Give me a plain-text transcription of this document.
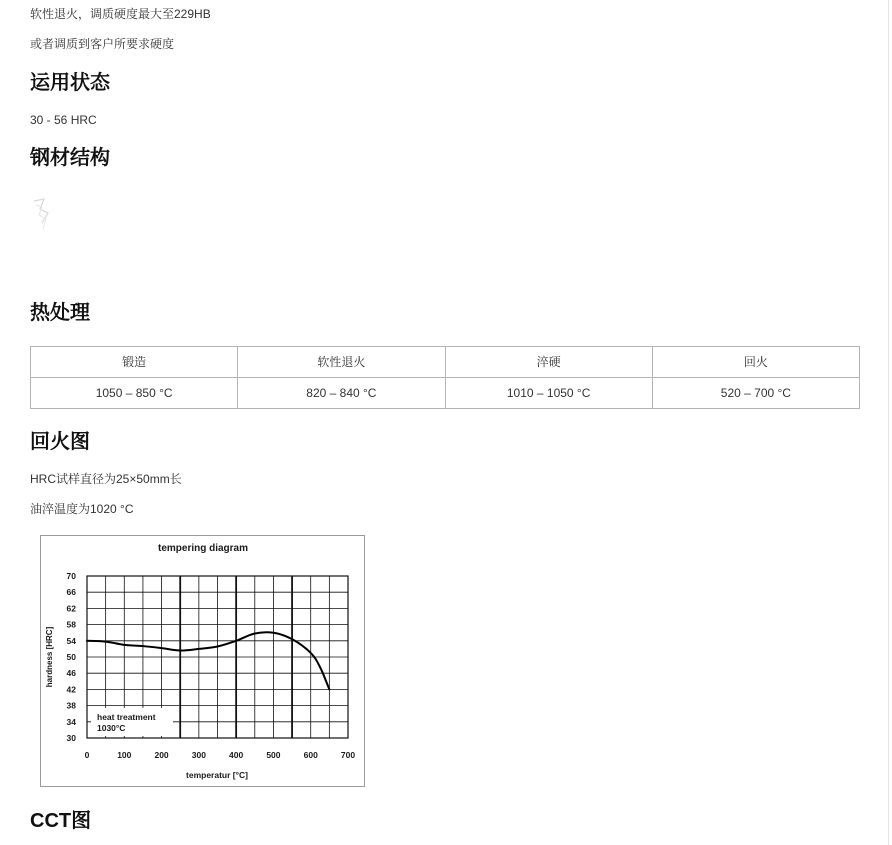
软性退火，调质硬度最大至229HB

或者调质到客户所要求硬度

运用状态

30 - 56 HRC

钢材结构
热处理
锻造	软性退火	淬硬	回火
1050 – 850 °C	820 – 840 °C	1010 – 1050 °C	520 – 700 °C
回火图

HRC试样直径为25×50mm长

油淬温度为1020 °C

heat treatment
1030°C
70
66
62
58
54
50
46
42
38
34
30
0	100	200	300	400	500	600	700
tempering diagram
temperatur [°C]
hardness [HRC]
CCT图
